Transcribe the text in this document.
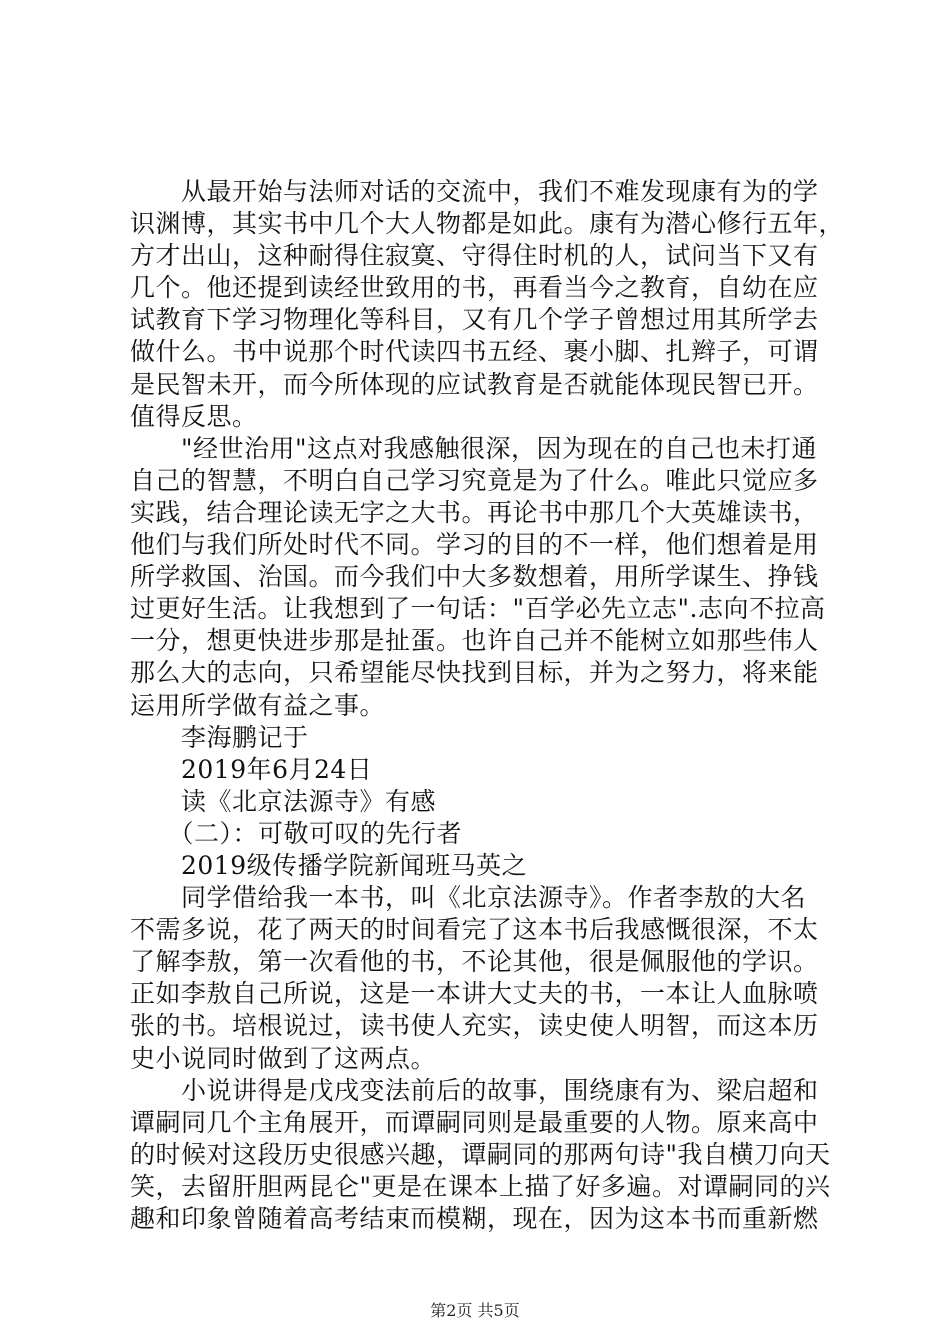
　　从最开始与法师对话的交流中，我们不难发现康有为的学
识渊博，其实书中几个大人物都是如此。康有为潜心修行五年，
方才出山，这种耐得住寂寞、守得住时机的人，试问当下又有
几个。他还提到读经世致用的书，再看当今之教育，自幼在应
试教育下学习物理化等科目，又有几个学子曾想过用其所学去
做什么。书中说那个时代读四书五经、裹小脚、扎辫子，可谓
是民智未开，而今所体现的应试教育是否就能体现民智已开。
值得反思。
　　"经世治用"这点对我感触很深，因为现在的自己也未打通
自己的智慧，不明白自己学习究竟是为了什么。唯此只觉应多
实践，结合理论读无字之大书。再论书中那几个大英雄读书，
他们与我们所处时代不同。学习的目的不一样，他们想着是用
所学救国、治国。而今我们中大多数想着，用所学谋生、挣钱
过更好生活。让我想到了一句话："百学必先立志".志向不拉高
一分，想更快进步那是扯蛋。也许自己并不能树立如那些伟人
那么大的志向，只希望能尽快找到目标，并为之努力，将来能
运用所学做有益之事。
　　李海鹏记于
　　2019年6月24日
　　读《北京法源寺》有感
　　（二）：可敬可叹的先行者
　　2019级传播学院新闻班马英之
　　同学借给我一本书，叫《北京法源寺》。作者李敖的大名
不需多说，花了两天的时间看完了这本书后我感慨很深，不太
了解李敖，第一次看他的书，不论其他，很是佩服他的学识。
正如李敖自己所说，这是一本讲大丈夫的书，一本让人血脉喷
张的书。培根说过，读书使人充实，读史使人明智，而这本历
史小说同时做到了这两点。
　　小说讲得是戊戌变法前后的故事，围绕康有为、梁启超和
谭嗣同几个主角展开，而谭嗣同则是最重要的人物。原来高中
的时候对这段历史很感兴趣，谭嗣同的那两句诗"我自横刀向天
笑，去留肝胆两昆仑"更是在课本上描了好多遍。对谭嗣同的兴
趣和印象曾随着高考结束而模糊，现在，因为这本书而重新燃
第2页 共5页
